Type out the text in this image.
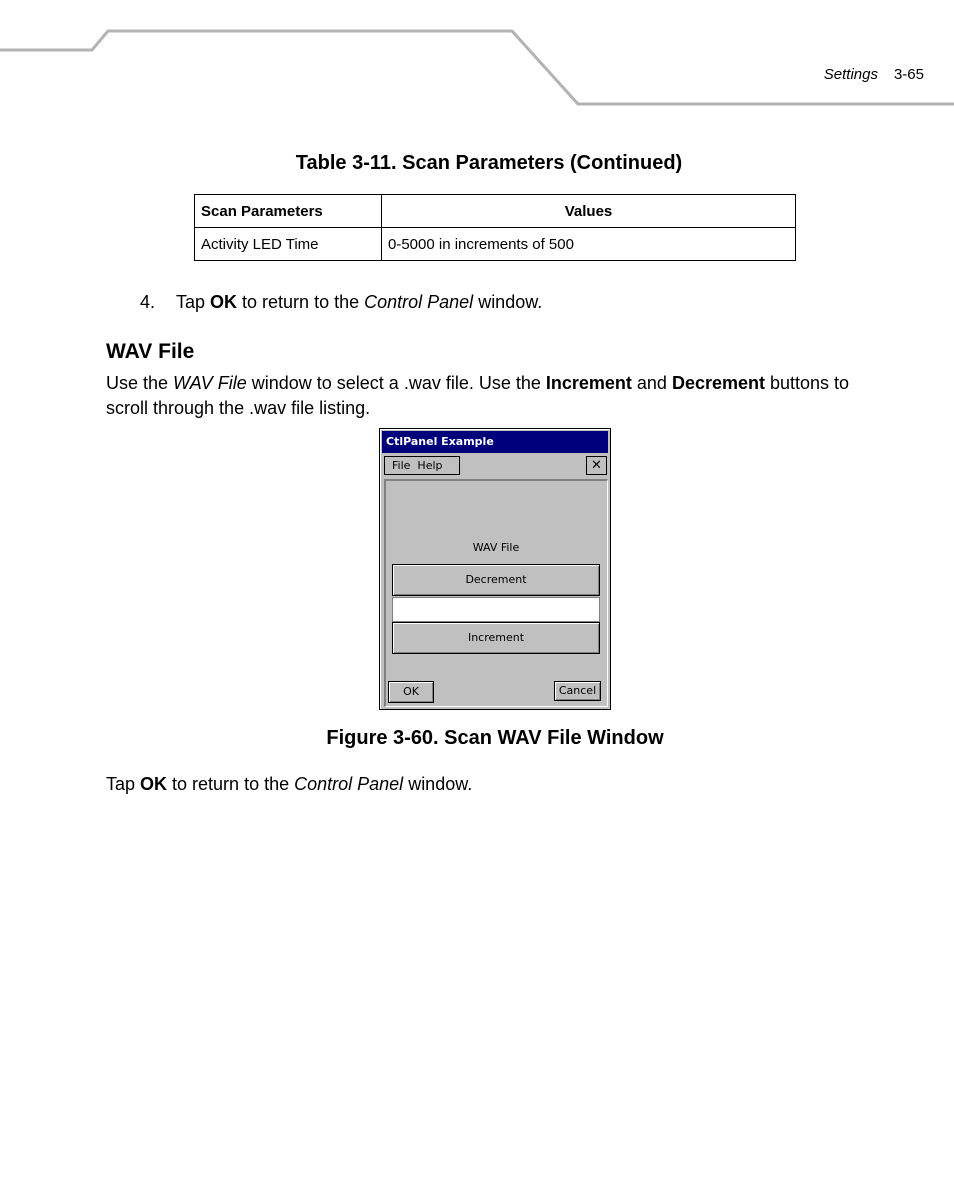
Settings 3-65
Table 3-11. Scan Parameters (Continued)
Scan Parameters	Values
Activity LED Time	0-5000 in increments of 500
4. Tap OK to return to the Control Panel window.
WAV File
Use the WAV File window to select a .wav file. Use the Increment and Decrement buttons to scroll through the .wav file listing.
CtlPanel Example
File Help	✕
WAV File
Decrement
Increment
OK	Cancel
Figure 3-60. Scan WAV File Window
Tap OK to return to the Control Panel window.
